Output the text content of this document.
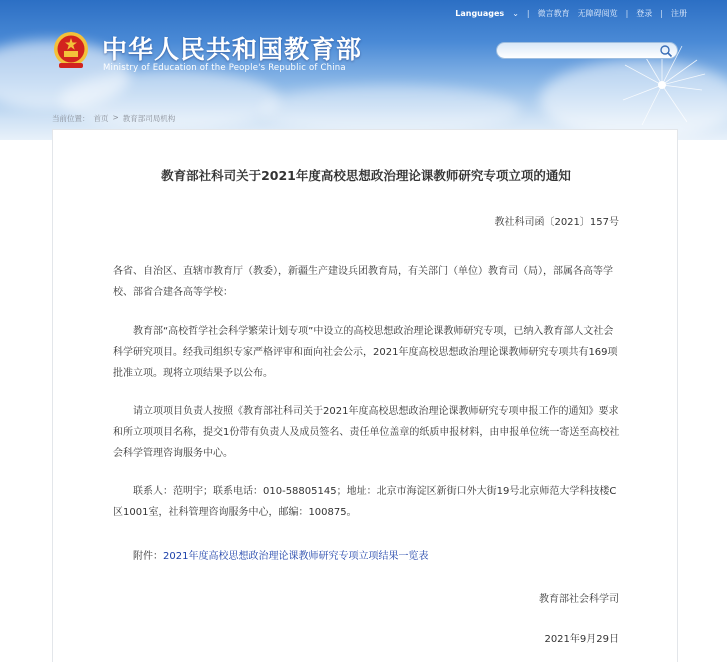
Languages ⌄ | 微言教育 无障碍阅览 | 登录 | 注册
中华人民共和国教育部
Ministry of Education of the People's Republic of China
当前位置： 首页 > 教育部司局机构
教育部社科司关于2021年度高校思想政治理论课教师研究专项立项的通知
教社科司函〔2021〕157号
各省、自治区、直辖市教育厅（教委），新疆生产建设兵团教育局，有关部门（单位）教育司（局），部属各高等学校、部省合建各高等学校：
教育部“高校哲学社会科学繁荣计划专项”中设立的高校思想政治理论课教师研究专项，已纳入教育部人文社会科学研究项目。经我司组织专家严格评审和面向社会公示，2021年度高校思想政治理论课教师研究专项共有169项批准立项。现将立项结果予以公布。
请立项项目负责人按照《教育部社科司关于2021年度高校思想政治理论课教师研究专项申报工作的通知》要求和所立项项目名称，提交1份带有负责人及成员签名、责任单位盖章的纸质申报材料，由申报单位统一寄送至高校社会科学管理咨询服务中心。
联系人：范明宇；联系电话：010-58805145；地址：北京市海淀区新街口外大街19号北京师范大学科技楼C区1001室，社科管理咨询服务中心，邮编：100875。
附件：2021年度高校思想政治理论课教师研究专项立项结果一览表
教育部社会科学司
2021年9月29日
